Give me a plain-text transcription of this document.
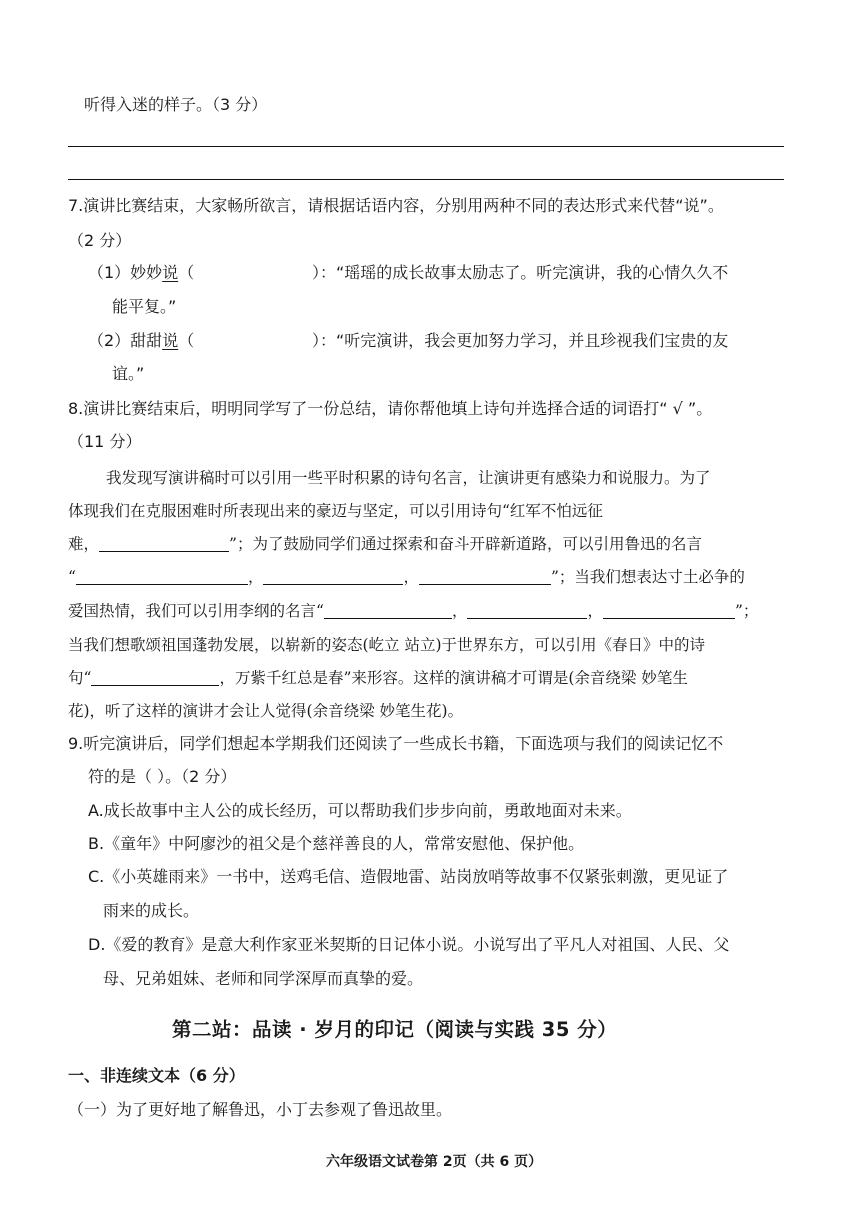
听得入迷的样子。（3 分）
7.演讲比赛结束，大家畅所欲言，请根据话语内容，分别用两种不同的表达形式来代替“说”。
（2 分）
（1）妙妙说（	）：“瑶瑶的成长故事太励志了。听完演讲，我的心情久久不
能平复。”
（2）甜甜说（	）：“听完演讲，我会更加努力学习，并且珍视我们宝贵的友
谊。”
8.演讲比赛结束后，明明同学写了一份总结，请你帮他填上诗句并选择合适的词语打“ √ ”。
（11 分）
我发现写演讲稿时可以引用一些平时积累的诗句名言，让演讲更有感染力和说服力。为了
体现我们在克服困难时所表现出来的豪迈与坚定，可以引用诗句“红军不怕远征
难，	”；为了鼓励同学们通过探索和奋斗开辟新道路，可以引用鲁迅的名言
“	，	，	”；当我们想表达寸土必争的
爱国热情，我们可以引用李纲的名言“	，	，	”；
当我们想歌颂祖国蓬勃发展，以崭新的姿态(屹立 站立)于世界东方，可以引用《春日》中的诗
句“	，万紫千红总是春”来形容。这样的演讲稿才可谓是(余音绕梁 妙笔生
花)，听了这样的演讲才会让人觉得(余音绕梁 妙笔生花)。
9.听完演讲后，同学们想起本学期我们还阅读了一些成长书籍，下面选项与我们的阅读记忆不
符的是（ ）。（2 分）
A.成长故事中主人公的成长经历，可以帮助我们步步向前，勇敢地面对未来。
B.《童年》中阿廖沙的祖父是个慈祥善良的人，常常安慰他、保护他。
C.《小英雄雨来》一书中，送鸡毛信、造假地雷、站岗放哨等故事不仅紧张刺激，更见证了
雨来的成长。
D.《爱的教育》是意大利作家亚米契斯的日记体小说。小说写出了平凡人对祖国、人民、父
母、兄弟姐妹、老师和同学深厚而真挚的爱。
第二站：品读 · 岁月的印记（阅读与实践 35 分）
一、非连续文本（6 分）
（一）为了更好地了解鲁迅，小丁去参观了鲁迅故里。
六年级语文试卷第 2页（共 6 页）
